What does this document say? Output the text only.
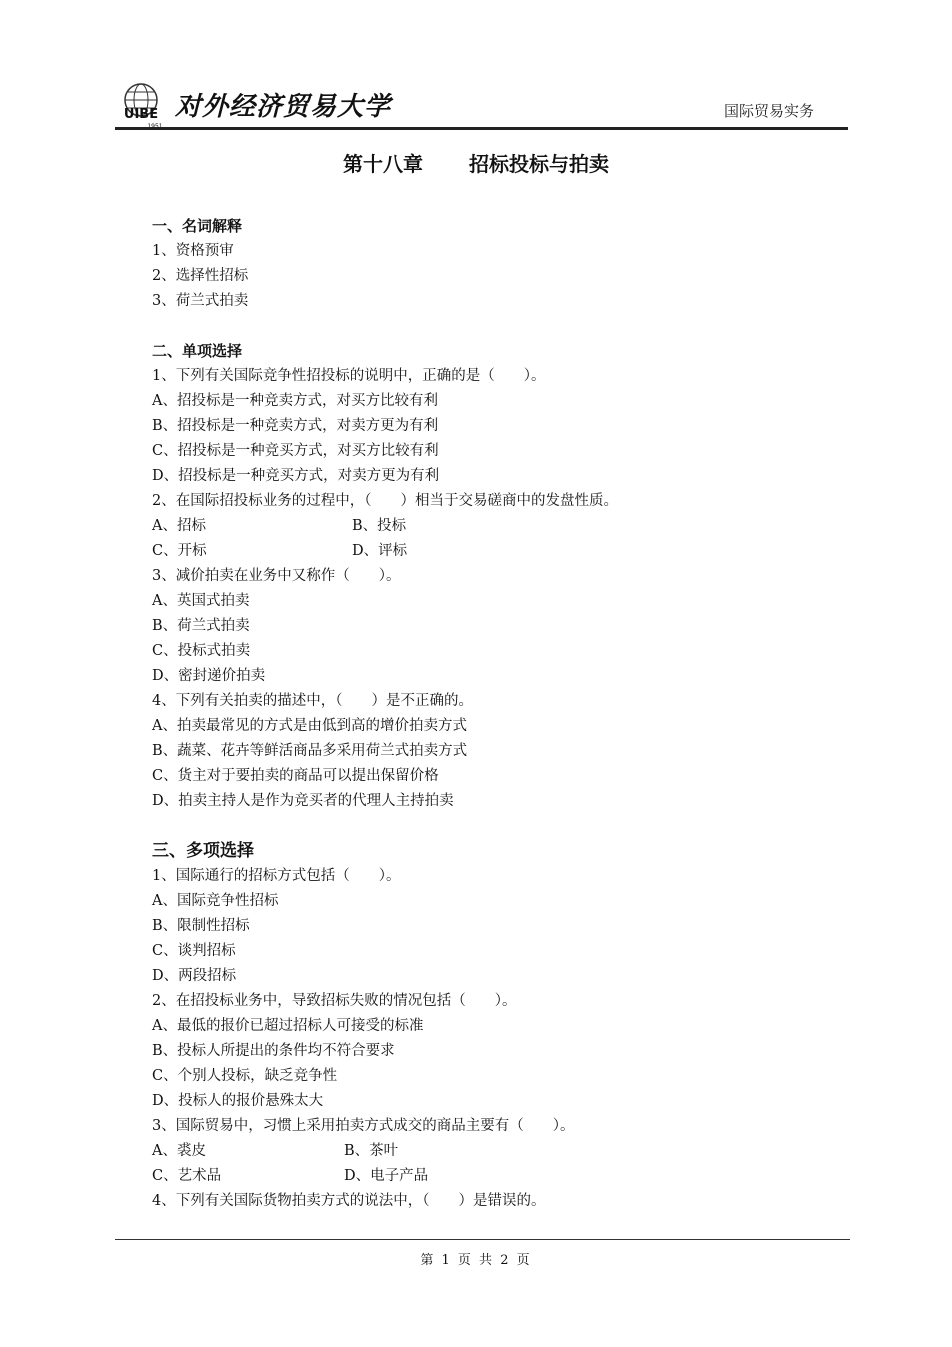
UIBE 对外经济贸易大学	国际贸易实务
第十八章 招标投标与拍卖
一、名词解释
1、资格预审
2、选择性招标
3、荷兰式拍卖
二、单项选择
1、下列有关国际竞争性招投标的说明中，正确的是（　　）。
A、招投标是一种竞卖方式，对买方比较有利
B、招投标是一种竞卖方式，对卖方更为有利
C、招投标是一种竞买方式，对买方比较有利
D、招投标是一种竞买方式，对卖方更为有利
2、在国际招投标业务的过程中，（　　）相当于交易磋商中的发盘性质。
A、招标	B、投标
C、开标	D、评标
3、减价拍卖在业务中又称作（　　）。
A、英国式拍卖
B、荷兰式拍卖
C、投标式拍卖
D、密封递价拍卖
4、下列有关拍卖的描述中，（　　）是不正确的。
A、拍卖最常见的方式是由低到高的增价拍卖方式
B、蔬菜、花卉等鲜活商品多采用荷兰式拍卖方式
C、货主对于要拍卖的商品可以提出保留价格
D、拍卖主持人是作为竞买者的代理人主持拍卖
三、多项选择
1、国际通行的招标方式包括（　　）。
A、国际竞争性招标
B、限制性招标
C、谈判招标
D、两段招标
2、在招投标业务中，导致招标失败的情况包括（　　）。
A、最低的报价已超过招标人可接受的标准
B、投标人所提出的条件均不符合要求
C、个别人投标，缺乏竞争性
D、投标人的报价悬殊太大
3、国际贸易中，习惯上采用拍卖方式成交的商品主要有（　　）。
A、裘皮	B、茶叶
C、艺术品	D、电子产品
4、下列有关国际货物拍卖方式的说法中，（　　）是错误的。
第 1 页 共 2 页
